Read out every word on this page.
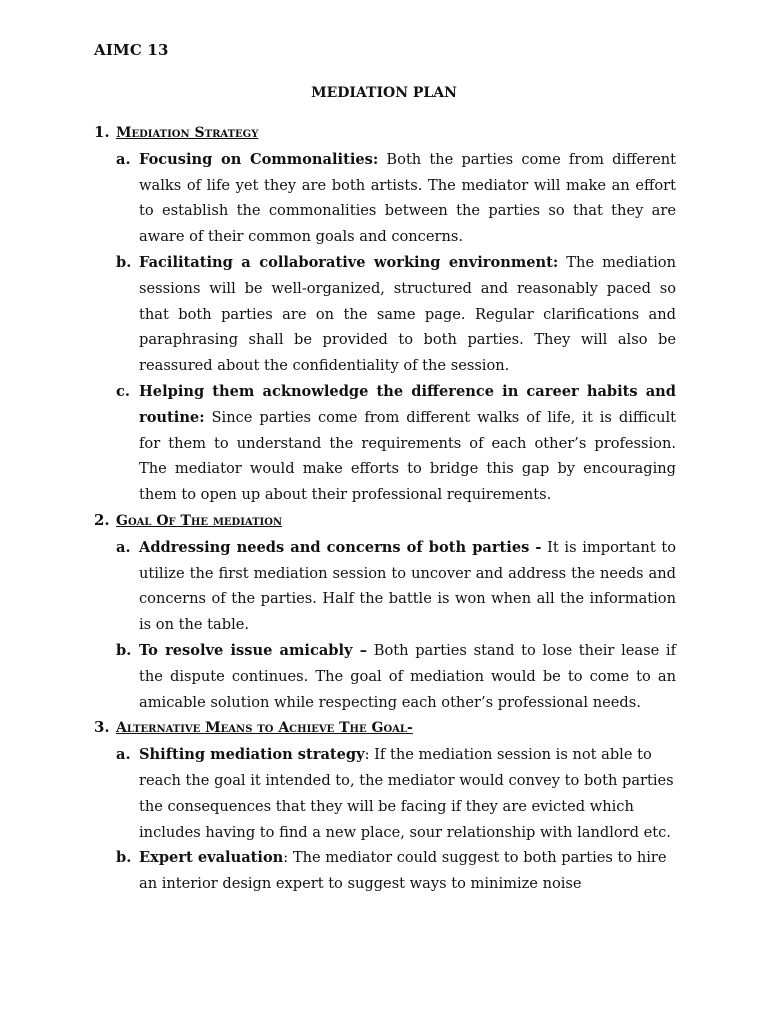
AIMC 13
MEDIATION PLAN
1. Mediation Strategy
a. Focusing on Commonalities: Both the parties come from different walks of life yet they are both artists. The mediator will make an effort to establish the commonalities between the parties so that they are aware of their common goals and concerns.
b. Facilitating a collaborative working environment: The mediation sessions will be well-organized, structured and reasonably paced so that both parties are on the same page. Regular clarifications and paraphrasing shall be provided to both parties. They will also be reassured about the confidentiality of the session.
c. Helping them acknowledge the difference in career habits and routine: Since parties come from different walks of life, it is difficult for them to understand the requirements of each other’s profession. The mediator would make efforts to bridge this gap by encouraging them to open up about their professional requirements.
2. Goal Of The mediation
a. Addressing needs and concerns of both parties - It is important to utilize the first mediation session to uncover and address the needs and concerns of the parties. Half the battle is won when all the information is on the table.
b. To resolve issue amicably – Both parties stand to lose their lease if the dispute continues. The goal of mediation would be to come to an amicable solution while respecting each other’s professional needs.
3. Alternative Means to Achieve The Goal-
a. Shifting mediation strategy: If the mediation session is not able to reach the goal it intended to, the mediator would convey to both parties the consequences that they will be facing if they are evicted which includes having to find a new place, sour relationship with landlord etc.
b. Expert evaluation: The mediator could suggest to both parties to hire an interior design expert to suggest ways to minimize noise
